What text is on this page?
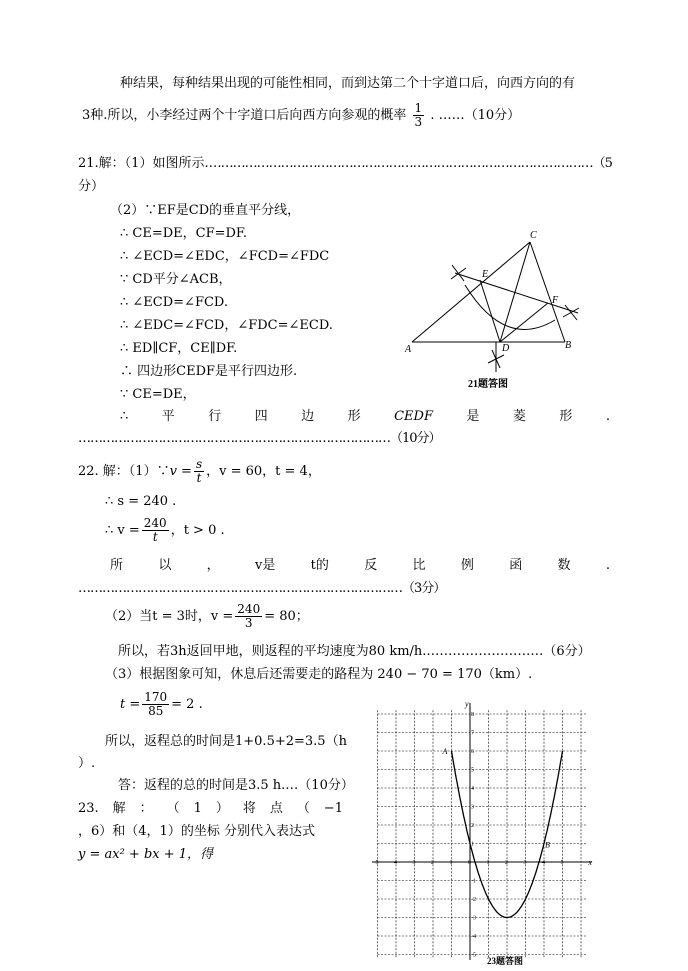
种结果，每种结果出现的可能性相同，而到达第二个十字道口后，向西方向的有
3种.所以，小李经过两个十字道口后向西方向参观的概率 $\frac{1}{3}$ . ……（10分）
21.解：（1）如图所示.……………………………………………………………………………………（5
分）
（2）∵EF是CD的垂直平分线，
∴ CE=DE，CF=DF.
∴ ∠ECD=∠EDC，∠FCD=∠FDC
∵ CD平分∠ACB，
∴ ∠ECD=∠FCD.
∴ ∠EDC=∠FCD，∠FDC=∠ECD.
∴ ED∥CF，CE∥DF.
∴ 四边形CEDF是平行四边形.
∵ CE=DE，
∴	平	行	四	边	形	CEDF	是	菱	形	.
……………………………………………………………………（10分）
A	B
C
D
E
F
21题答图
22. 解：（1）∵v = $\frac{s}{t}$ ，v = 60，t = 4，
∴ s = 240 .
∴ $v = \frac{240}{t}$ ，t > 0 .
所	以	，	v是	t的	反	比	例	函	数	.
………………………………………………………………………（3分）
（2）当t = 3时，$v = \frac{240}{3} = 80$；
所以，若3h返回甲地，则返程的平均速度为80 km/h.………………………（6分）
（3）根据图象可知，休息后还需要走的路程为 240 − 70 = 170（km）.
$t = \frac{170}{85} = 2$ .
所以，返程总的时间是1+0.5+2=3.5（h
）.
答：返程的总的时间是3.5 h.…（10分）
23. 解 ： （ 1 ） 将 点 （ −1
，6）和（4，1）的坐标 分别代入表达式
y = ax² + bx + 1，得
-5 -4 -3 -2 -1	0	1	2	3	4	5
8
7
6
5
4
3
2
1
-1
-2
-3
-4
-5
A
B
x
y
23题答图
